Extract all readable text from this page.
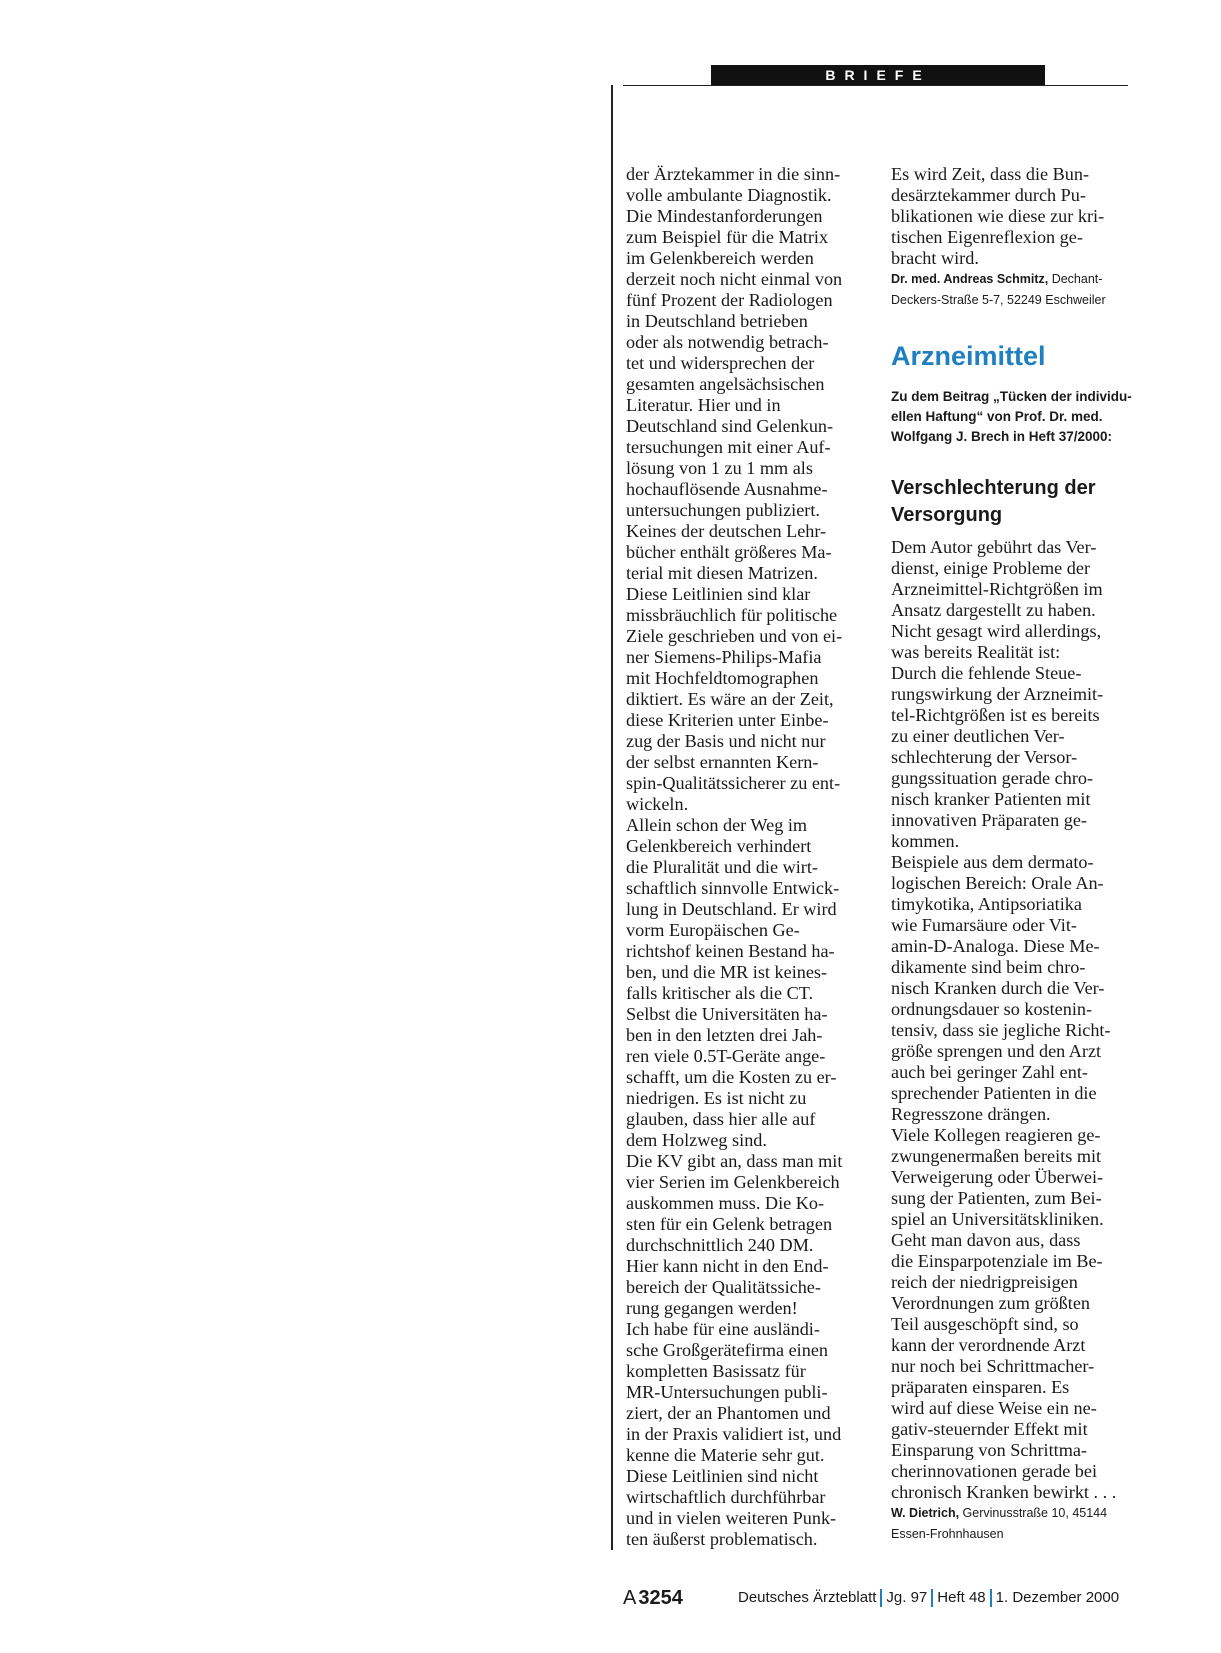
BRIEFE
der Ärztekammer in die sinn-
volle ambulante Diagnostik.
Die Mindestanforderungen
zum Beispiel für die Matrix
im Gelenkbereich werden
derzeit noch nicht einmal von
fünf Prozent der Radiologen
in Deutschland betrieben
oder als notwendig betrach-
tet und widersprechen der
gesamten angelsächsischen
Literatur. Hier und in
Deutschland sind Gelenkun-
tersuchungen mit einer Auf-
lösung von 1 zu 1 mm als
hochauflösende Ausnahme-
untersuchungen publiziert.
Keines der deutschen Lehr-
bücher enthält größeres Ma-
terial mit diesen Matrizen.
Diese Leitlinien sind klar
missbräuchlich für politische
Ziele geschrieben und von ei-
ner Siemens-Philips-Mafia
mit Hochfeldtomographen
diktiert. Es wäre an der Zeit,
diese Kriterien unter Einbe-
zug der Basis und nicht nur
der selbst ernannten Kern-
spin-Qualitätssicherer zu ent-
wickeln.
Allein schon der Weg im
Gelenkbereich verhindert
die Pluralität und die wirt-
schaftlich sinnvolle Entwick-
lung in Deutschland. Er wird
vorm Europäischen Ge-
richtshof keinen Bestand ha-
ben, und die MR ist keines-
falls kritischer als die CT.
Selbst die Universitäten ha-
ben in den letzten drei Jah-
ren viele 0.5T-Geräte ange-
schafft, um die Kosten zu er-
niedrigen. Es ist nicht zu
glauben, dass hier alle auf
dem Holzweg sind.
Die KV gibt an, dass man mit
vier Serien im Gelenkbereich
auskommen muss. Die Ko-
sten für ein Gelenk betragen
durchschnittlich 240 DM.
Hier kann nicht in den End-
bereich der Qualitätssiche-
rung gegangen werden!
Ich habe für eine ausländi-
sche Großgerätefirma einen
kompletten Basissatz für
MR-Untersuchungen publi-
ziert, der an Phantomen und
in der Praxis validiert ist, und
kenne die Materie sehr gut.
Diese Leitlinien sind nicht
wirtschaftlich durchführbar
und in vielen weiteren Punk-
ten äußerst problematisch.
Es wird Zeit, dass die Bun-
desärztekammer durch Pu-
blikationen wie diese zur kri-
tischen Eigenreflexion ge-
bracht wird.
Dr. med. Andreas Schmitz, Dechant-
Deckers-Straße 5-7, 52249 Eschweiler
Arzneimittel
Zu dem Beitrag „Tücken der individu-
ellen Haftung“ von Prof. Dr. med.
Wolfgang J. Brech in Heft 37/2000:
Verschlechterung der
Versorgung
Dem Autor gebührt das Ver-
dienst, einige Probleme der
Arzneimittel-Richtgrößen im
Ansatz dargestellt zu haben.
Nicht gesagt wird allerdings,
was bereits Realität ist:
Durch die fehlende Steue-
rungswirkung der Arzneimit-
tel-Richtgrößen ist es bereits
zu einer deutlichen Ver-
schlechterung der Versor-
gungssituation gerade chro-
nisch kranker Patienten mit
innovativen Präparaten ge-
kommen.
Beispiele aus dem dermato-
logischen Bereich: Orale An-
timykotika, Antipsoriatika
wie Fumarsäure oder Vit-
amin-D-Analoga. Diese Me-
dikamente sind beim chro-
nisch Kranken durch die Ver-
ordnungsdauer so kostenin-
tensiv, dass sie jegliche Richt-
größe sprengen und den Arzt
auch bei geringer Zahl ent-
sprechender Patienten in die
Regresszone drängen.
Viele Kollegen reagieren ge-
zwungenermaßen bereits mit
Verweigerung oder Überwei-
sung der Patienten, zum Bei-
spiel an Universitätskliniken.
Geht man davon aus, dass
die Einsparpotenziale im Be-
reich der niedrigpreisigen
Verordnungen zum größten
Teil ausgeschöpft sind, so
kann der verordnende Arzt
nur noch bei Schrittmacher-
präparaten einsparen. Es
wird auf diese Weise ein ne-
gativ-steuernder Effekt mit
Einsparung von Schrittma-
cherinnovationen gerade bei
chronisch Kranken bewirkt . . .
W. Dietrich, Gervinusstraße 10, 45144
Essen-Frohnhausen
A 3254	Deutsches Ärzteblatt Jg. 97 Heft 48 1. Dezember 2000
